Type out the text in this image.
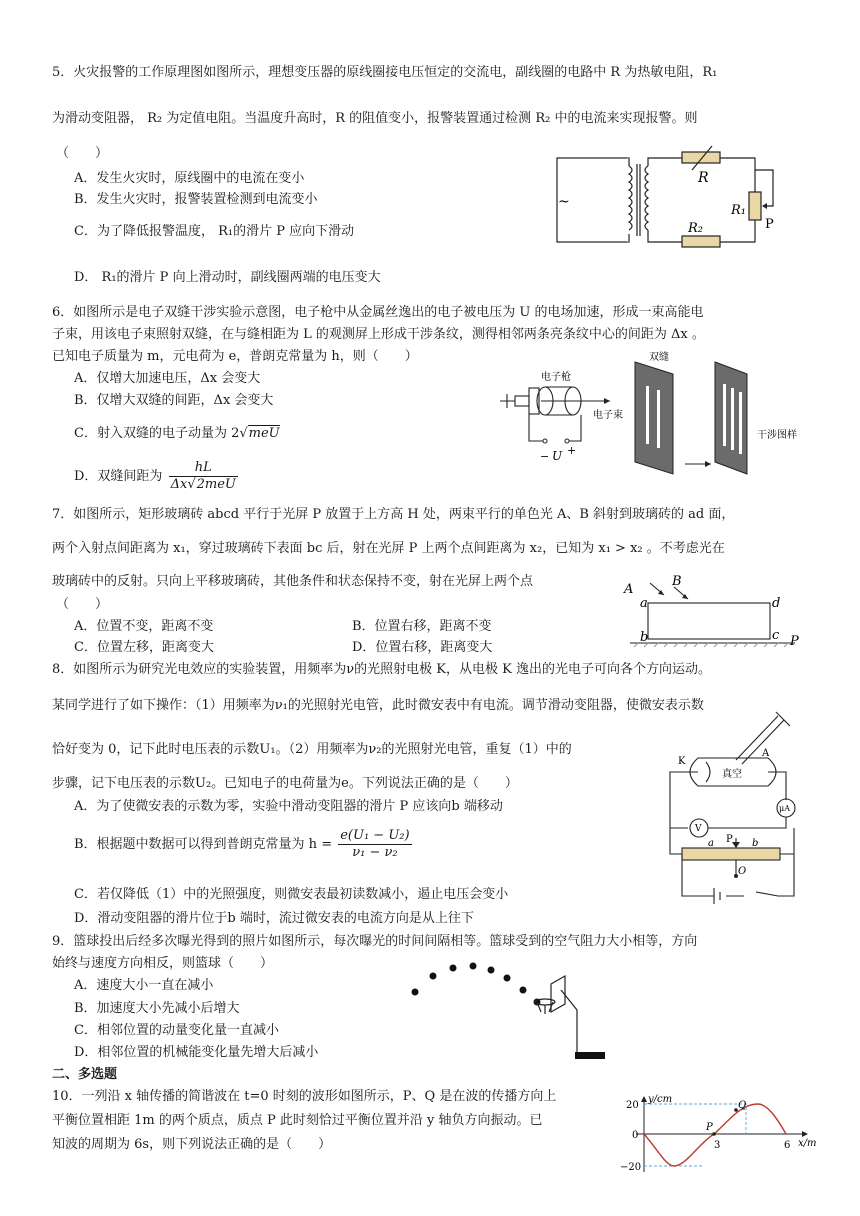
5．火灾报警的工作原理图如图所示，理想变压器的原线圈接电压恒定的交流电，副线圈的电路中 R 为热敏电阻，R₁
为滑动变阻器， R₂ 为定值电阻。当温度升高时，R 的阻值变小，报警装置通过检测 R₂ 中的电流来实现报警。则
（　　）
A．发生火灾时，原线圈中的电流在变小
B．发生火灾时，报警装置检测到电流变小
C．为了降低报警温度， R₁的滑片 P 应向下滑动
D． R₁的滑片 P 向上滑动时，副线圈两端的电压变大
~
R
R₁
P
R₂
6．如图所示是电子双缝干涉实验示意图，电子枪中从金属丝逸出的电子被电压为 U 的电场加速，形成一束高能电
子束，用该电子束照射双缝，在与缝相距为 L 的观测屏上形成干涉条纹，测得相邻两条亮条纹中心的间距为 Δx 。
已知电子质量为 m，元电荷为 e，普朗克常量为 h，则（　　）
A．仅增大加速电压，Δx 会变大
B．仅增大双缝的间距，Δx 会变大
C．射入双缝的电子动量为 2√meU
D．双缝间距为 $\frac{hL}{\text{Δx√2meU}}$
电子枪
电子束
− U +
双缝
干涉图样
7．如图所示，矩形玻璃砖 abcd 平行于光屏 P 放置于上方高 H 处，两束平行的单色光 A、B 斜射到玻璃砖的 ad 面，
两个入射点间距离为 x₁，穿过玻璃砖下表面 bc 后，射在光屏 P 上两个点间距离为 x₂，已知为 x₁ > x₂ 。不考虑光在
玻璃砖中的反射。只向上平移玻璃砖，其他条件和状态保持不变，射在光屏上两个点
（　　）
A．位置不变，距离不变	B．位置右移，距离不变
C．位置左移，距离变大	D．位置右移，距离变大
A
B
a	d
b	c P
8．如图所示为研究光电效应的实验装置，用频率为ν的光照射电极 K，从电极 K 逸出的光电子可向各个方向运动。
某同学进行了如下操作：（1）用频率为ν₁的光照射光电管，此时微安表中有电流。调节滑动变阻器，使微安表示数
恰好变为 0，记下此时电压表的示数U₁。（2）用频率为ν₂的光照射光电管，重复（1）中的
步骤，记下电压表的示数U₂。已知电子的电荷量为e。下列说法正确的是（　　）
A．为了使微安表的示数为零，实验中滑动变阻器的滑片 P 应该向b 端移动
B．根据题中数据可以得到普朗克常量为 $h = \frac{\text{e(U₁ − U₂)}}{\text{ν₁ − ν₂}}$
C．若仅降低（1）中的光照强度，则微安表最初读数减小，遏止电压会变小
D．滑动变阻器的滑片位于b 端时，流过微安表的电流方向是从上往下
K
A
真空
μA
V
a P b
O
9．篮球投出后经多次曝光得到的照片如图所示，每次曝光的时间间隔相等。篮球受到的空气阻力大小相等，方向
始终与速度方向相反，则篮球（　　）
A．速度大小一直在减小
B．加速度大小先减小后增大
C．相邻位置的动量变化量一直减小
D．相邻位置的机械能变化量先增大后减小
二、多选题
10．一列沿 x 轴传播的简谐波在 t=0 时刻的波形如图所示，P、Q 是在波的传播方向上
平衡位置相距 1m 的两个质点，质点 P 此时刻恰过平衡位置并沿 y 轴负方向振动。已
知波的周期为 6s，则下列说法正确的是（　　）
y/cm
x/m
20
0
−20
3	6
P
Q
